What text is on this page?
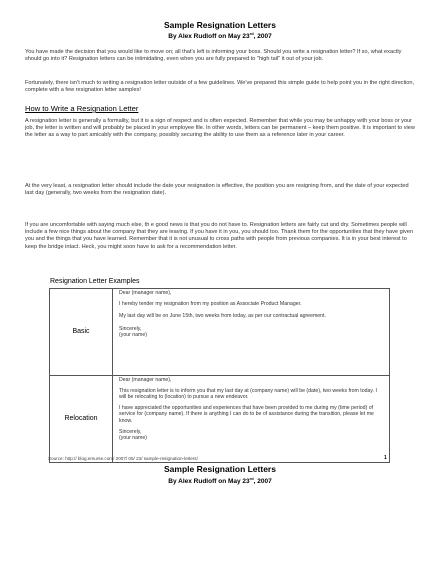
Sample Resignation Letters
By Alex Rudloff on May 23rd, 2007
You have made the decision that you would like to move on; all that's left is informing your boss. Should you write a resignation letter? If so, what exactly should go into it? Resignation letters can be intimidating, even when you are fully prepared to "high tail" it out of your job.
Fortunately, there isn't much to writing a resignation letter outside of a few guidelines. We've prepared this simple guide to help point you in the right direction, complete with a few resignation letter samples!
How to Write a Resignation Letter
A resignation letter is generally a formality, but it is a sign of respect and is often expected. Remember that while you may be unhappy with your boss or your job, the letter is written and will probably be placed in your employee file. In other words, letters can be permanent – keep them positive. It is important to view the letter as a way to part amicably with the company, possibly securing the ability to use them as a reference later in your career.
At the very least, a resignation letter should include the date your resignation is effective, the position you are resigning from, and the date of your expected last day (generally, two weeks from the resignation date).
If you are uncomfortable with saying much else, th e good news is that you do not have to. Resignation letters are fairly cut and dry. Sometimes people will include a few nice things about the company that they are leaving. If you have it in you, you should too. Thank them for the opportunities that they have given you and the things that you have learned. Remember that it is not unusual to cross paths with people from previous companies. It is in your best interest to keep the bridge intact. Heck, you might soon have to ask for a recommendation letter.
Resignation Letter Examples
Basic	Dear (manager name),
I hereby tender my resignation from my position as Associate Product Manager.
My last day will be on June 15th, two weeks from today, as per our contractual agreement.
Sincerely,
(your name)

Relocation	Dear (manager name),
This resignation letter is to inform you that my last day at (company name) will be (date), two weeks from today. I will be relocating to (location) to pursue a new endeavor.
I have appreciated the opportunities and experiences that have been provided to me during my (time period) of service for (company name). If there is anything I can do to be of assistance during the transition, please let me know.
Sincerely,
(your name)
Source: http:// blog.emurse.com/ 2007/ 05/ 23/ sample-resignation-letters/	1
Sample Resignation Letters
By Alex Rudloff on May 23rd, 2007
